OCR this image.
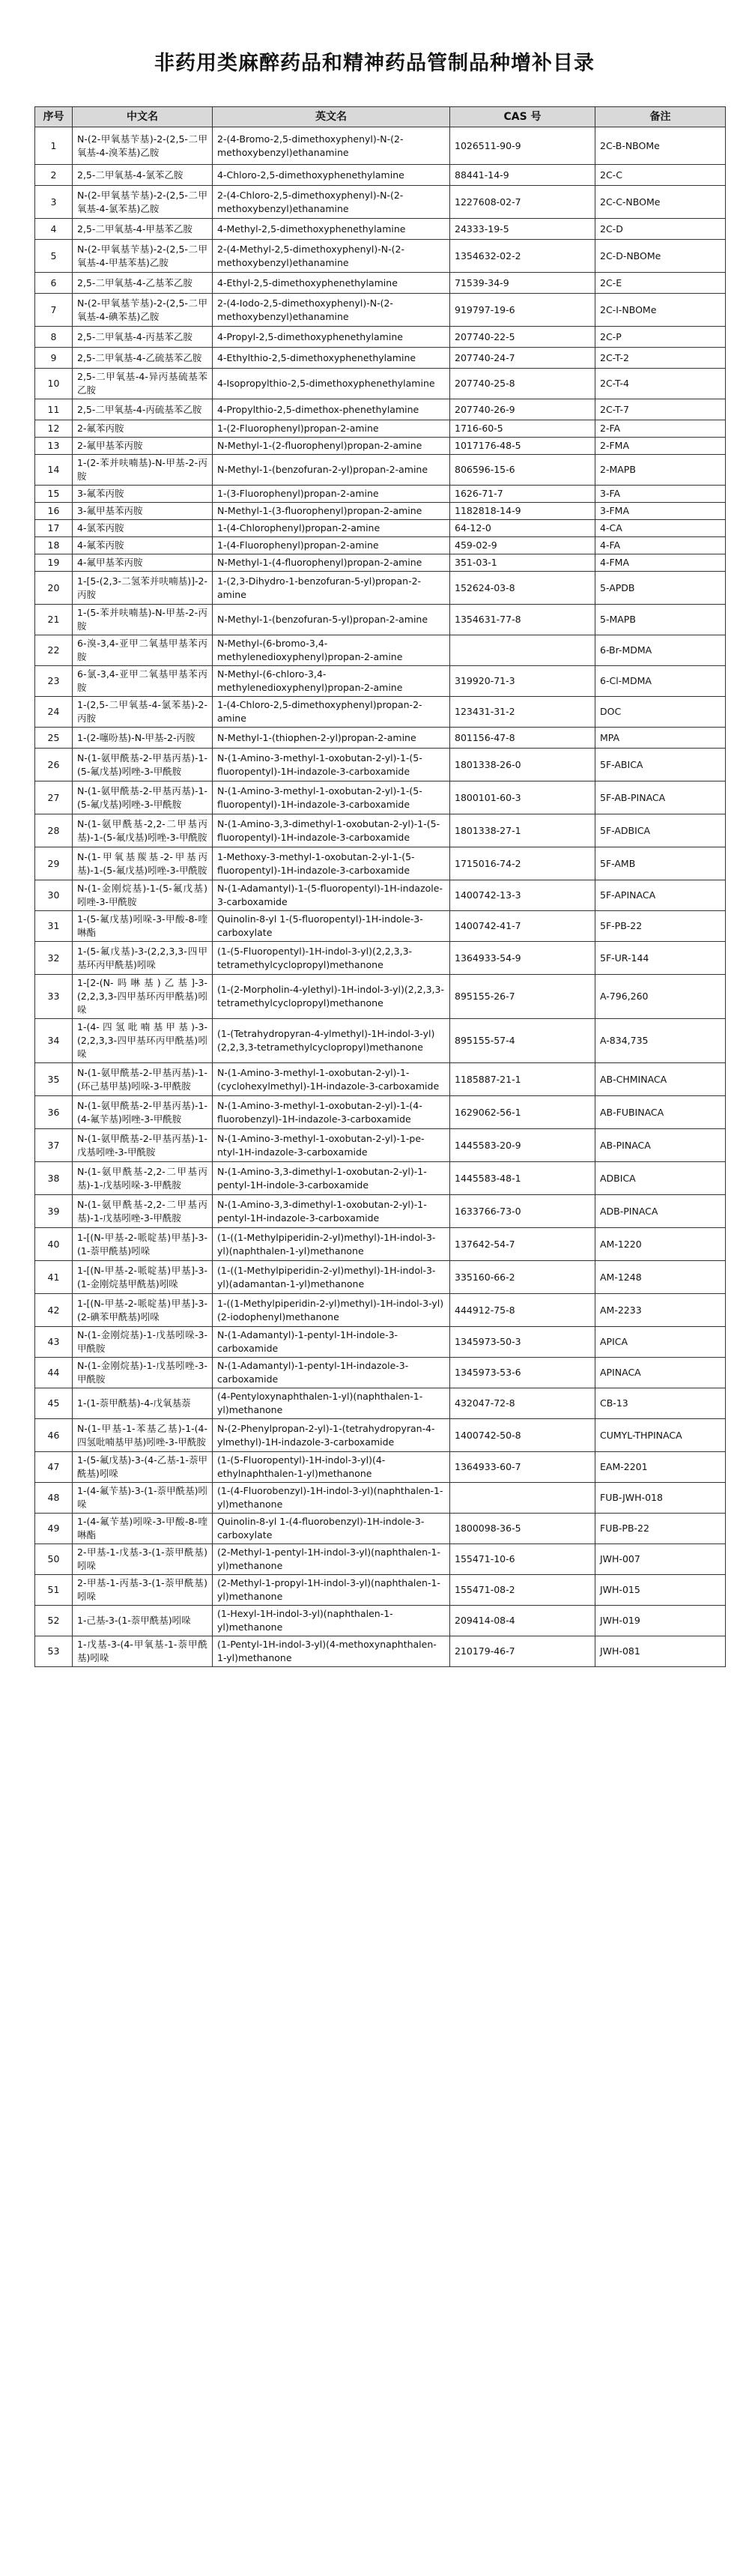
非药用类麻醉药品和精神药品管制品种增补目录
序号	中文名	英文名	CAS 号	备注
1	N-(2-甲氧基苄基)-2-(2,5-二甲氧基-4-溴苯基)乙胺	2-(4-Bromo-2,5-dimethoxyphenyl)-N-(2-methoxybenzyl)ethanamine	1026511-90-9	2C-B-NBOMe
2	2,5-二甲氧基-4-氯苯乙胺	4-Chloro-2,5-dimethoxyphenethylamine	88441-14-9	2C-C
3	N-(2-甲氧基苄基)-2-(2,5-二甲氧基-4-氯苯基)乙胺	2-(4-Chloro-2,5-dimethoxyphenyl)-N-(2-methoxybenzyl)ethanamine	1227608-02-7	2C-C-NBOMe
4	2,5-二甲氧基-4-甲基苯乙胺	4-Methyl-2,5-dimethoxyphenethylamine	24333-19-5	2C-D
5	N-(2-甲氧基苄基)-2-(2,5-二甲氧基-4-甲基苯基)乙胺	2-(4-Methyl-2,5-dimethoxyphenyl)-N-(2-methoxybenzyl)ethanamine	1354632-02-2	2C-D-NBOMe
6	2,5-二甲氧基-4-乙基苯乙胺	4-Ethyl-2,5-dimethoxyphenethylamine	71539-34-9	2C-E
7	N-(2-甲氧基苄基)-2-(2,5-二甲氧基-4-碘苯基)乙胺	2-(4-Iodo-2,5-dimethoxyphenyl)-N-(2-methoxybenzyl)ethanamine	919797-19-6	2C-I-NBOMe
8	2,5-二甲氧基-4-丙基苯乙胺	4-Propyl-2,5-dimethoxyphenethylamine	207740-22-5	2C-P
9	2,5-二甲氧基-4-乙硫基苯乙胺	4-Ethylthio-2,5-dimethoxyphenethylamine	207740-24-7	2C-T-2
10	2,5-二甲氧基-4-异丙基硫基苯乙胺	4-Isopropylthio-2,5-dimethoxyphenethylamine	207740-25-8	2C-T-4
11	2,5-二甲氧基-4-丙硫基苯乙胺	4-Propylthio-2,5-dimethox-phenethylamine	207740-26-9	2C-T-7
12	2-氟苯丙胺	1-(2-Fluorophenyl)propan-2-amine	1716-60-5	2-FA
13	2-氟甲基苯丙胺	N-Methyl-1-(2-fluorophenyl)propan-2-amine	1017176-48-5	2-FMA
14	1-(2-苯并呋喃基)-N-甲基-2-丙胺	N-Methyl-1-(benzofuran-2-yl)propan-2-amine	806596-15-6	2-MAPB
15	3-氟苯丙胺	1-(3-Fluorophenyl)propan-2-amine	1626-71-7	3-FA
16	3-氟甲基苯丙胺	N-Methyl-1-(3-fluorophenyl)propan-2-amine	1182818-14-9	3-FMA
17	4-氯苯丙胺	1-(4-Chlorophenyl)propan-2-amine	64-12-0	4-CA
18	4-氟苯丙胺	1-(4-Fluorophenyl)propan-2-amine	459-02-9	4-FA
19	4-氟甲基苯丙胺	N-Methyl-1-(4-fluorophenyl)propan-2-amine	351-03-1	4-FMA
20	1-[5-(2,3-二氢苯并呋喃基)]-2-丙胺	1-(2,3-Dihydro-1-benzofuran-5-yl)propan-2-amine	152624-03-8	5-APDB
21	1-(5-苯并呋喃基)-N-甲基-2-丙胺	N-Methyl-1-(benzofuran-5-yl)propan-2-amine	1354631-77-8	5-MAPB
22	6-溴-3,4-亚甲二氧基甲基苯丙胺	N-Methyl-(6-bromo-3,4-methylenedioxyphenyl)propan-2-amine		6-Br-MDMA
23	6-氯-3,4-亚甲二氧基甲基苯丙胺	N-Methyl-(6-chloro-3,4-methylenedioxyphenyl)propan-2-amine	319920-71-3	6-Cl-MDMA
24	1-(2,5-二甲氧基-4-氯苯基)-2-丙胺	1-(4-Chloro-2,5-dimethoxyphenyl)propan-2-amine	123431-31-2	DOC
25	1-(2-噻吩基)-N-甲基-2-丙胺	N-Methyl-1-(thiophen-2-yl)propan-2-amine	801156-47-8	MPA
26	N-(1-氨甲酰基-2-甲基丙基)-1-(5-氟戊基)吲唑-3-甲酰胺	N-(1-Amino-3-methyl-1-oxobutan-2-yl)-1-(5-fluoropentyl)-1H-indazole-3-carboxamide	1801338-26-0	5F-ABICA
27	N-(1-氨甲酰基-2-甲基丙基)-1-(5-氟戊基)吲唑-3-甲酰胺	N-(1-Amino-3-methyl-1-oxobutan-2-yl)-1-(5-fluoropentyl)-1H-indazole-3-carboxamide	1800101-60-3	5F-AB-PINACA
28	N-(1-氨甲酰基-2,2-二甲基丙基)-1-(5-氟戊基)吲唑-3-甲酰胺	N-(1-Amino-3,3-dimethyl-1-oxobutan-2-yl)-1-(5-fluoropentyl)-1H-indazole-3-carboxamide	1801338-27-1	5F-ADBICA
29	N-(1-甲氧基羰基-2-甲基丙基)-1-(5-氟戊基)吲唑-3-甲酰胺	1-Methoxy-3-methyl-1-oxobutan-2-yl-1-(5-fluoropentyl)-1H-indazole-3-carboxamide	1715016-74-2	5F-AMB
30	N-(1-金刚烷基)-1-(5-氟戊基)吲唑-3-甲酰胺	N-(1-Adamantyl)-1-(5-fluoropentyl)-1H-indazole-3-carboxamide	1400742-13-3	5F-APINACA
31	1-(5-氟戊基)吲哚-3-甲酸-8-喹啉酯	Quinolin-8-yl 1-(5-fluoropentyl)-1H-indole-3-carboxylate	1400742-41-7	5F-PB-22
32	1-(5-氟戊基)-3-(2,2,3,3-四甲基环丙甲酰基)吲哚	(1-(5-Fluoropentyl)-1H-indol-3-yl)(2,2,3,3-tetramethylcyclopropyl)methanone	1364933-54-9	5F-UR-144
33	1-[2-(N-吗啉基)乙基]-3-(2,2,3,3-四甲基环丙甲酰基)吲哚	(1-(2-Morpholin-4-ylethyl)-1H-indol-3-yl)(2,2,3,3-tetramethylcyclopropyl)methanone	895155-26-7	A-796,260
34	1-(4-四氢吡喃基甲基)-3-(2,2,3,3-四甲基环丙甲酰基)吲哚	(1-(Tetrahydropyran-4-ylmethyl)-1H-indol-3-yl)(2,2,3,3-tetramethylcyclopropyl)methanone	895155-57-4	A-834,735
35	N-(1-氨甲酰基-2-甲基丙基)-1-(环己基甲基)吲哚-3-甲酰胺	N-(1-Amino-3-methyl-1-oxobutan-2-yl)-1-(cyclohexylmethyl)-1H-indazole-3-carboxamide	1185887-21-1	AB-CHMINACA
36	N-(1-氨甲酰基-2-甲基丙基)-1-(4-氟苄基)吲唑-3-甲酰胺	N-(1-Amino-3-methyl-1-oxobutan-2-yl)-1-(4-fluorobenzyl)-1H-indazole-3-carboxamide	1629062-56-1	AB-FUBINACA
37	N-(1-氨甲酰基-2-甲基丙基)-1-戊基吲唑-3-甲酰胺	N-(1-Amino-3-methyl-1-oxobutan-2-yl)-1-pe-ntyl-1H-indazole-3-carboxamide	1445583-20-9	AB-PINACA
38	N-(1-氨甲酰基-2,2-二甲基丙基)-1-戊基吲哚-3-甲酰胺	N-(1-Amino-3,3-dimethyl-1-oxobutan-2-yl)-1-pentyl-1H-indole-3-carboxamide	1445583-48-1	ADBICA
39	N-(1-氨甲酰基-2,2-二甲基丙基)-1-戊基吲唑-3-甲酰胺	N-(1-Amino-3,3-dimethyl-1-oxobutan-2-yl)-1-pentyl-1H-indazole-3-carboxamide	1633766-73-0	ADB-PINACA
40	1-[(N-甲基-2-哌啶基)甲基]-3-(1-萘甲酰基)吲哚	(1-((1-Methylpiperidin-2-yl)methyl)-1H-indol-3-yl)(naphthalen-1-yl)methanone	137642-54-7	AM-1220
41	1-[(N-甲基-2-哌啶基)甲基]-3-(1-金刚烷基甲酰基)吲哚	(1-((1-Methylpiperidin-2-yl)methyl)-1H-indol-3-yl)(adamantan-1-yl)methanone	335160-66-2	AM-1248
42	1-[(N-甲基-2-哌啶基)甲基]-3-(2-碘苯甲酰基)吲哚	1-((1-Methylpiperidin-2-yl)methyl)-1H-indol-3-yl)(2-iodophenyl)methanone	444912-75-8	AM-2233
43	N-(1-金刚烷基)-1-戊基吲哚-3-甲酰胺	N-(1-Adamantyl)-1-pentyl-1H-indole-3-carboxamide	1345973-50-3	APICA
44	N-(1-金刚烷基)-1-戊基吲唑-3-甲酰胺	N-(1-Adamantyl)-1-pentyl-1H-indazole-3-carboxamide	1345973-53-6	APINACA
45	1-(1-萘甲酰基)-4-戊氧基萘	(4-Pentyloxynaphthalen-1-yl)(naphthalen-1-yl)methanone	432047-72-8	CB-13
46	N-(1-甲基-1-苯基乙基)-1-(4-四氢吡喃基甲基)吲唑-3-甲酰胺	N-(2-Phenylpropan-2-yl)-1-(tetrahydropyran-4-ylmethyl)-1H-indazole-3-carboxamide	1400742-50-8	CUMYL-THPINACA
47	1-(5-氟戊基)-3-(4-乙基-1-萘甲酰基)吲哚	(1-(5-Fluoropentyl)-1H-indol-3-yl)(4-ethylnaphthalen-1-yl)methanone	1364933-60-7	EAM-2201
48	1-(4-氟苄基)-3-(1-萘甲酰基)吲哚	(1-(4-Fluorobenzyl)-1H-indol-3-yl)(naphthalen-1-yl)methanone		FUB-JWH-018
49	1-(4-氟苄基)吲哚-3-甲酸-8-喹啉酯	Quinolin-8-yl 1-(4-fluorobenzyl)-1H-indole-3-carboxylate	1800098-36-5	FUB-PB-22
50	2-甲基-1-戊基-3-(1-萘甲酰基)吲哚	(2-Methyl-1-pentyl-1H-indol-3-yl)(naphthalen-1-yl)methanone	155471-10-6	JWH-007
51	2-甲基-1-丙基-3-(1-萘甲酰基)吲哚	(2-Methyl-1-propyl-1H-indol-3-yl)(naphthalen-1-yl)methanone	155471-08-2	JWH-015
52	1-己基-3-(1-萘甲酰基)吲哚	(1-Hexyl-1H-indol-3-yl)(naphthalen-1-yl)methanone	209414-08-4	JWH-019
53	1-戊基-3-(4-甲氧基-1-萘甲酰基)吲哚	(1-Pentyl-1H-indol-3-yl)(4-methoxynaphthalen-1-yl)methanone	210179-46-7	JWH-081
